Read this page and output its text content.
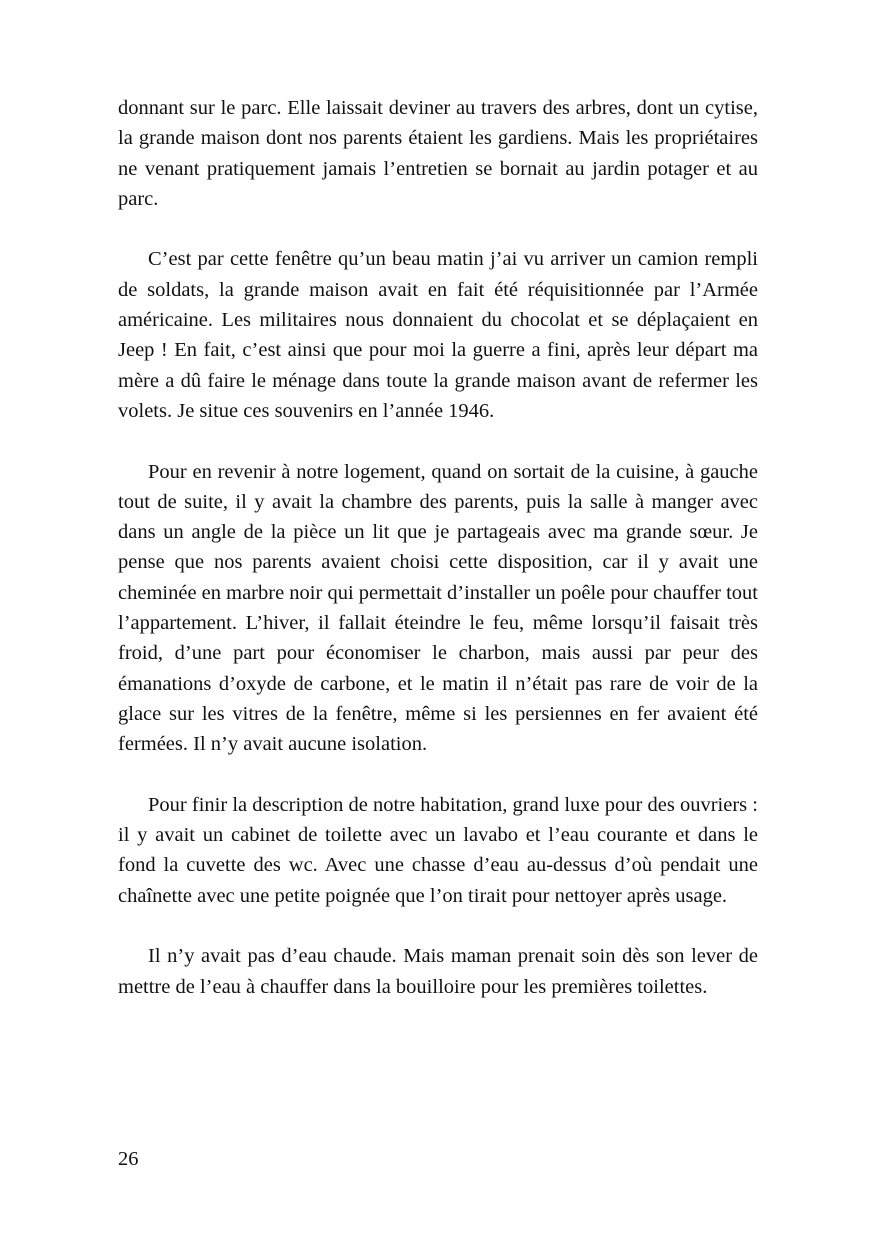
donnant sur le parc. Elle laissait deviner au travers des arbres, dont un cytise, la grande maison dont nos parents étaient les gardiens. Mais les propriétaires ne venant pratiquement jamais l’entretien se bornait au jardin potager et au parc.

C’est par cette fenêtre qu’un beau matin j’ai vu arriver un camion rempli de soldats, la grande maison avait en fait été réquisitionnée par l’Armée américaine. Les militaires nous donnaient du chocolat et se déplaçaient en Jeep ! En fait, c’est ainsi que pour moi la guerre a fini, après leur départ ma mère a dû faire le ménage dans toute la grande maison avant de refermer les volets. Je situe ces souvenirs en l’année 1946.

Pour en revenir à notre logement, quand on sortait de la cuisine, à gauche tout de suite, il y avait la chambre des parents, puis la salle à manger avec dans un angle de la pièce un lit que je partageais avec ma grande sœur. Je pense que nos parents avaient choisi cette disposition, car il y avait une cheminée en marbre noir qui permettait d’installer un poêle pour chauffer tout l’appartement. L’hiver, il fallait éteindre le feu, même lorsqu’il faisait très froid, d’une part pour économiser le charbon, mais aussi par peur des émanations d’oxyde de carbone, et le matin il n’était pas rare de voir de la glace sur les vitres de la fenêtre, même si les persiennes en fer avaient été fermées. Il n’y avait aucune isolation.

Pour finir la description de notre habitation, grand luxe pour des ouvriers : il y avait un cabinet de toilette avec un lavabo et l’eau courante et dans le fond la cuvette des wc. Avec une chasse d’eau au-dessus d’où pendait une chaînette avec une petite poignée que l’on tirait pour nettoyer après usage.

Il n’y avait pas d’eau chaude. Mais maman prenait soin dès son lever de mettre de l’eau à chauffer dans la bouilloire pour les premières toilettes.

26
